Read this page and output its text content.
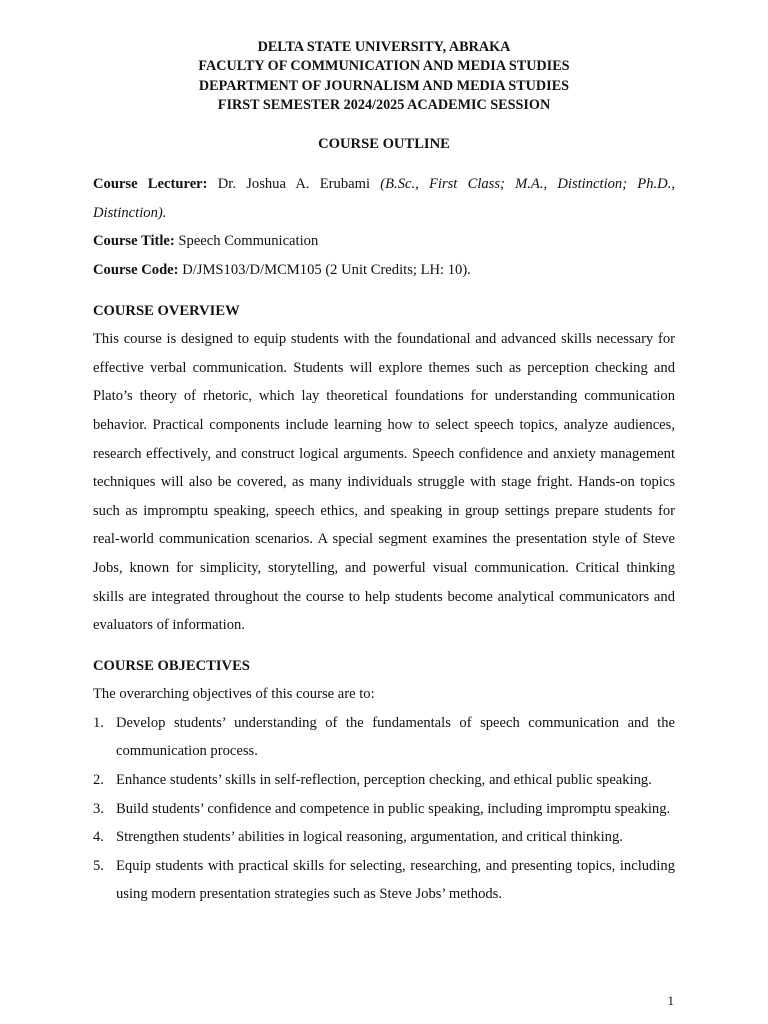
DELTA STATE UNIVERSITY, ABRAKA
FACULTY OF COMMUNICATION AND MEDIA STUDIES
DEPARTMENT OF JOURNALISM AND MEDIA STUDIES
FIRST SEMESTER 2024/2025 ACADEMIC SESSION
COURSE OUTLINE

Course Lecturer: Dr. Joshua A. Erubami (B.Sc., First Class; M.A., Distinction; Ph.D., Distinction).

Course Title: Speech Communication

Course Code: D/JMS103/D/MCM105 (2 Unit Credits; LH: 10).

COURSE OVERVIEW

This course is designed to equip students with the foundational and advanced skills necessary for effective verbal communication. Students will explore themes such as perception checking and Plato’s theory of rhetoric, which lay theoretical foundations for understanding communication behavior. Practical components include learning how to select speech topics, analyze audiences, research effectively, and construct logical arguments. Speech confidence and anxiety management techniques will also be covered, as many individuals struggle with stage fright. Hands-on topics such as impromptu speaking, speech ethics, and speaking in group settings prepare students for real-world communication scenarios. A special segment examines the presentation style of Steve Jobs, known for simplicity, storytelling, and powerful visual communication. Critical thinking skills are integrated throughout the course to help students become analytical communicators and evaluators of information.

COURSE OBJECTIVES

The overarching objectives of this course are to:

1. Develop students’ understanding of the fundamentals of speech communication and the communication process.
2. Enhance students’ skills in self-reflection, perception checking, and ethical public speaking.
3. Build students’ confidence and competence in public speaking, including impromptu speaking.
4. Strengthen students’ abilities in logical reasoning, argumentation, and critical thinking.
5. Equip students with practical skills for selecting, researching, and presenting topics, including using modern presentation strategies such as Steve Jobs’ methods.
1
